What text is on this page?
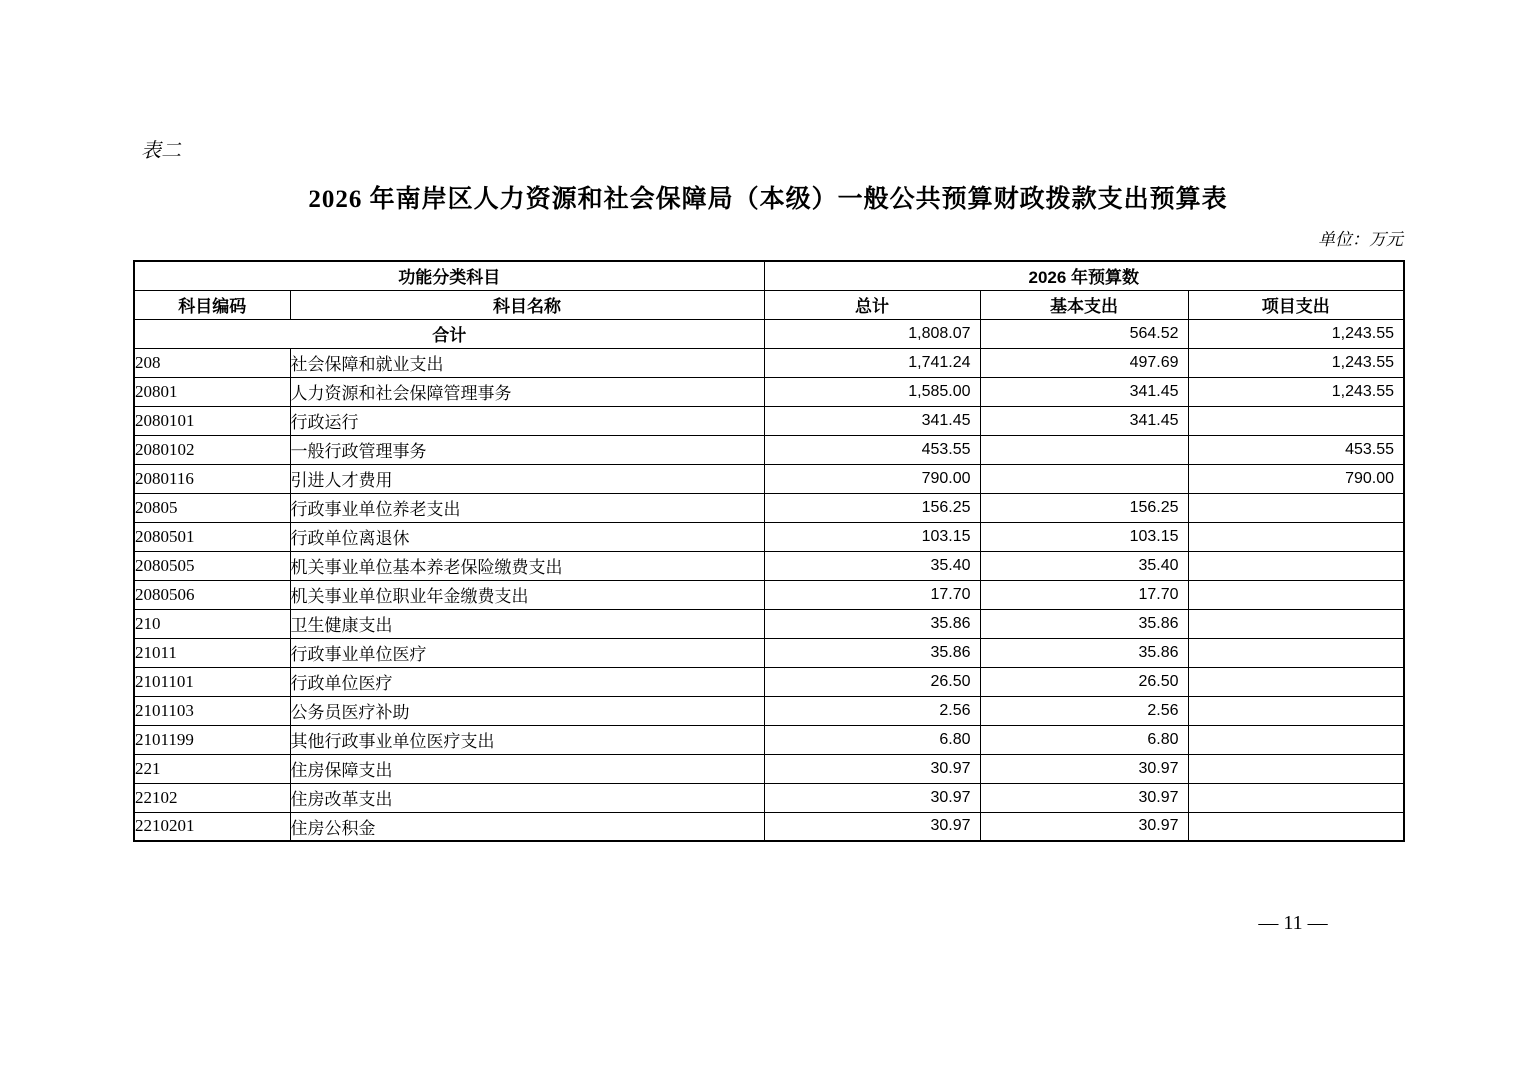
表二
2026 年南岸区人力资源和社会保障局（本级）一般公共预算财政拨款支出预算表
单位：万元
功能分类科目		2026 年预算数		
科目编码	科目名称	总计	基本支出	项目支出
合计		1,808.07	564.52	1,243.55
208	社会保障和就业支出	1,741.24	497.69	1,243.55
20801	人力资源和社会保障管理事务	1,585.00	341.45	1,243.55
2080101	行政运行	341.45	341.45	
2080102	一般行政管理事务	453.55		453.55
2080116	引进人才费用	790.00		790.00
20805	行政事业单位养老支出	156.25	156.25	
2080501	行政单位离退休	103.15	103.15	
2080505	机关事业单位基本养老保险缴费支出	35.40	35.40	
2080506	机关事业单位职业年金缴费支出	17.70	17.70	
210	卫生健康支出	35.86	35.86	
21011	行政事业单位医疗	35.86	35.86	
2101101	行政单位医疗	26.50	26.50	
2101103	公务员医疗补助	2.56	2.56	
2101199	其他行政事业单位医疗支出	6.80	6.80	
221	住房保障支出	30.97	30.97	
22102	住房改革支出	30.97	30.97	
2210201	住房公积金	30.97	30.97	
— 11 —
